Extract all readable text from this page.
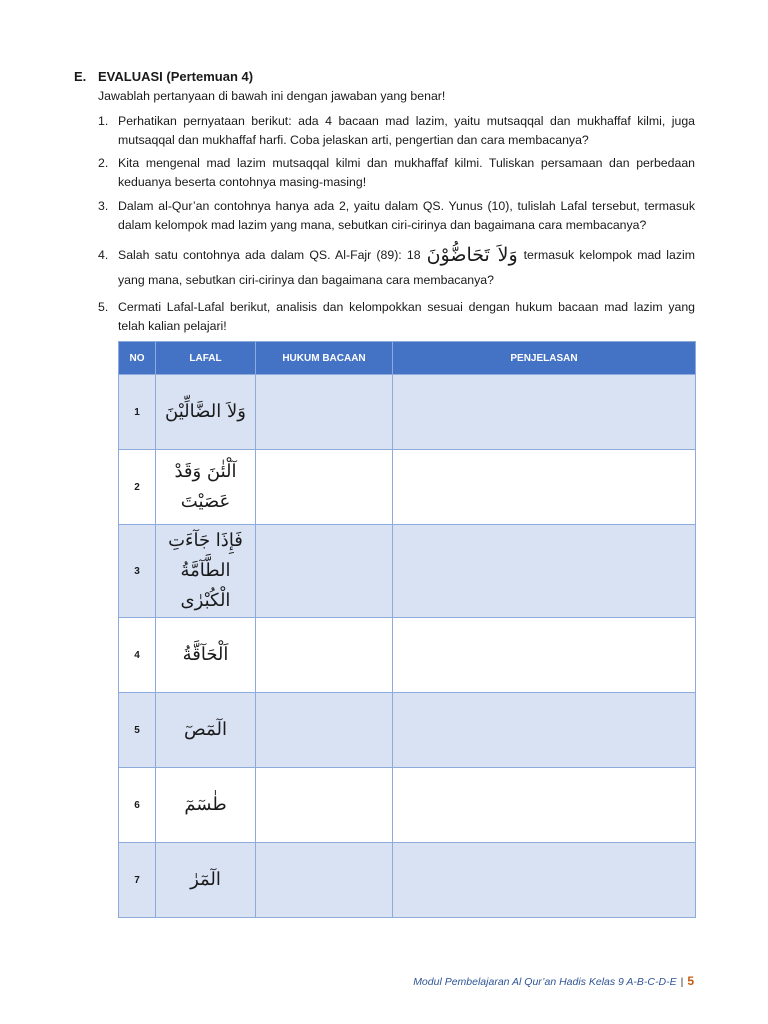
E. EVALUASI (Pertemuan 4)
Jawablah pertanyaan di bawah ini dengan jawaban yang benar!
1. Perhatikan pernyataan berikut: ada 4 bacaan mad lazim, yaitu mutsaqqal dan mukhaffaf kilmi, juga mutsaqqal dan mukhaffaf harfi. Coba jelaskan arti, pengertian dan cara membacanya?
2. Kita mengenal mad lazim mutsaqqal kilmi dan mukhaffaf kilmi. Tuliskan persamaan dan perbedaan keduanya beserta contohnya masing-masing!
3. Dalam al-Qur’an contohnya hanya ada 2, yaitu dalam QS. Yunus (10), tulislah Lafal tersebut, termasuk dalam kelompok mad lazim yang mana, sebutkan ciri-cirinya dan bagaimana cara membacanya?
4. Salah satu contohnya ada dalam QS. Al-Fajr (89): 18 وَلاَ تَحَاضُّوْنَ termasuk kelompok mad lazim yang mana, sebutkan ciri-cirinya dan bagaimana cara membacanya?
5. Cermati Lafal-Lafal berikut, analisis dan kelompokkan sesuai dengan hukum bacaan mad lazim yang telah kalian pelajari!
NO	LAFAL	HUKUM BACAAN	PENJELASAN
1	وَلاَ الضَّالِّيْنَ		
2	آلْئٰنَ وَقَدْ عَصَيْتَ		
3	فَإِذَا جَآءَتِ الطَّآمَّةُ الْكُبْرٰى		
4	اَلْحَآقَّةُ		
5	الٓمٓصٓ		
6	طٰسٓمٓ		
7	الٓمٓرٰ		
Modul Pembelajaran Al Qur’an Hadis Kelas 9 A-B-C-D-E | 5
